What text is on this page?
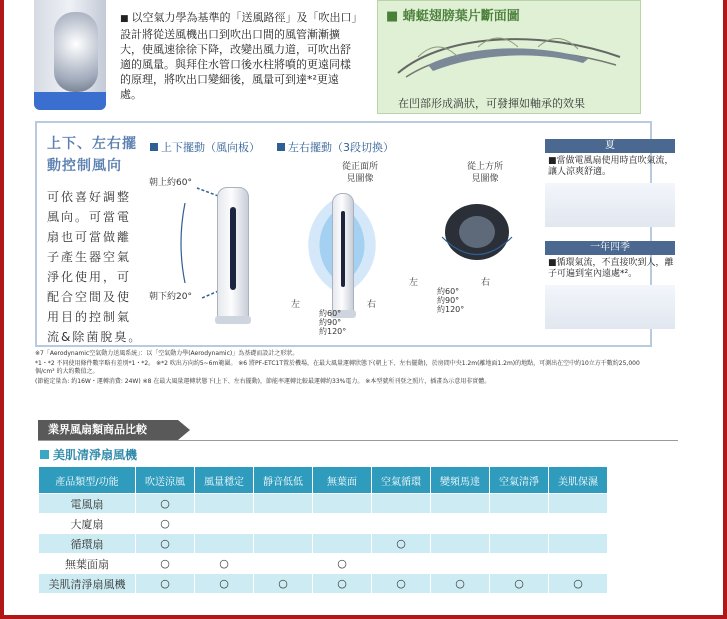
■ 以空氣力學為基準的「送風路徑」及「吹出口」設計將從送風機出口到吹出口間的風管漸漸擴大，使風速徐徐下降，改變出風力道，可吹出舒適的風量。與拜住水管口後水柱將噴的更遠同樣的原理，將吹出口變細後，風量可到達*²更遠處。
■ 蜻蜓翅膀葉片斷面圖
在凹部形成渦狀，可發揮如軸承的效果
上下、左右擺
動控制風向
可依喜好調整風向。可當電扇也可當做離子產生器空氣淨化使用，可配合空間及使用目的控制氣流&除菌脫臭。
上下擺動（風向板）	左右擺動（3段切換）
朝上約60°
朝下約20°
從正面所
見圖像
左	右
約60°
約90°
約120°
從上方所
見圖像
左	右
約60°
約90°
約120°
夏
■當做電風扇使用時直吹氣流，讓人涼爽舒適。
一年四季
■循環氣流，不直接吹到人，離子可遍到室內遠處*²。
※7「Aerodynamic空氣動力送風系統」：以「空氣動力學(Aerodynamic)」為基礎而設計之形狀。
*1・*2 不同使用條件數字略有差別*1・*2。 ※*2 吹出方向約5~6m範圍。 ※6 將PF-ETC1T置於機場，在最大風量運轉狀態下(朝上下、左右擺動)，於房間中央1.2m(離地面1.2m)的地點，可測出在空中約10立方千數約25,000個/cm³ 的大約數值之。
(節能定量為: 約16W・運轉消費: 24W) ※8 在最大風量運轉狀態下(上下、左右擺動)，節能率運轉比較最運轉約33%電力。 ※本型號所刊登之照片，插畫為示意用非實體。
業界風扇類商品比較
美肌清淨扇風機
產品類型/功能	吹送涼風	風量穩定	靜音低低	無葉面	空氣循環	變頻馬達	空氣清淨	美肌保濕
電風扇	○							
大廈扇	○							
循環扇	○				○			
無葉面扇	○	○		○				
美肌清淨扇風機	○	○	○	○	○	○	○	○
